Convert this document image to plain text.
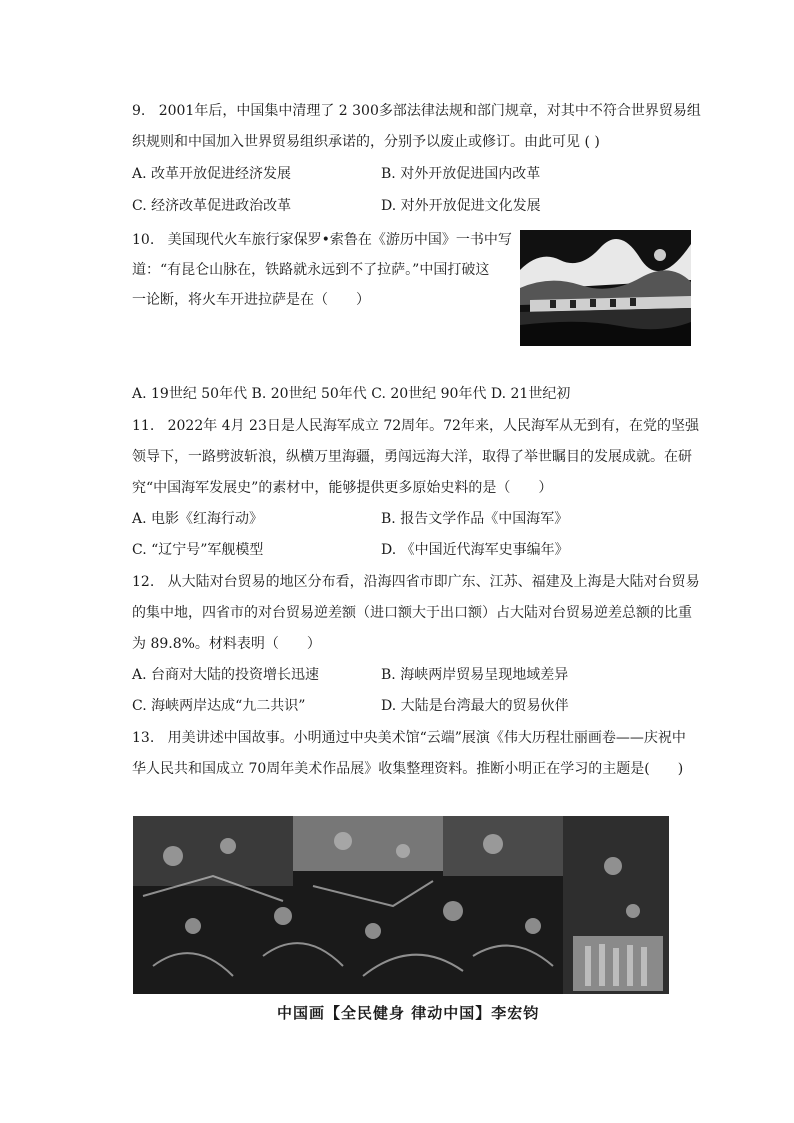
9.   2001年后，中国集中清理了 2 300多部法律法规和部门规章，对其中不符合世界贸易组
织规则和中国加入世界贸易组织承诺的，分别予以废止或修订。由此可见 ( )
A. 改革开放促进经济发展	B. 对外开放促进国内改革
C. 经济改革促进政治改革	D. 对外开放促进文化发展
10.   美国现代火车旅行家保罗•索鲁在《游历中国》一书中写
道：“有昆仑山脉在，铁路就永远到不了拉萨。”中国打破这
一论断，将火车开进拉萨是在（　　）
A. 19世纪 50年代 B. 20世纪 50年代 C. 20世纪 90年代 D. 21世纪初
11.   2022年 4月 23日是人民海军成立 72周年。72年来，人民海军从无到有，在党的坚强
领导下，一路劈波斩浪，纵横万里海疆，勇闯远海大洋，取得了举世瞩目的发展成就。在研
究“中国海军发展史”的素材中，能够提供更多原始史料的是（　　）
A. 电影《红海行动》	B. 报告文学作品《中国海军》
C. “辽宁号”军舰模型	D. 《中国近代海军史事编年》
12.   从大陆对台贸易的地区分布看，沿海四省市即广东、江苏、福建及上海是大陆对台贸易
的集中地，四省市的对台贸易逆差额（进口额大于出口额）占大陆对台贸易逆差总额的比重
为 89.8%。材料表明（　　）
A. 台商对大陆的投资增长迅速	B. 海峡两岸贸易呈现地域差异
C. 海峡两岸达成“九二共识”	D. 大陆是台湾最大的贸易伙伴
13.   用美讲述中国故事。小明通过中央美术馆“云端”展演《伟大历程壮丽画卷——庆祝中
华人民共和国成立 70周年美术作品展》收集整理资料。推断小明正在学习的主题是(　　)
中国画【全民健身 律动中国】李宏钧
